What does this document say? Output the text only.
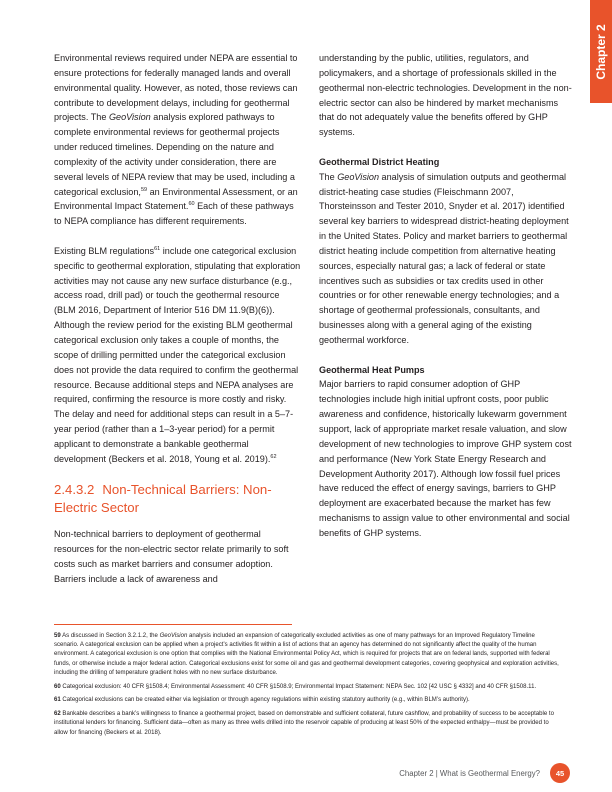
Chapter 2

Environmental reviews required under NEPA are essential to ensure protections for federally managed lands and overall environmental quality. However, as noted, those reviews can contribute to development delays, including for geothermal projects. The GeoVision analysis explored pathways to complete environmental reviews for geothermal projects under reduced timelines. Depending on the nature and complexity of the activity under consideration, there are several levels of NEPA review that may be used, including a categorical exclusion,$^{59}$ an Environmental Assessment, or an Environmental Impact Statement.$^{60}$ Each of these pathways to NEPA compliance has different requirements.

Existing BLM regulations$^{61}$ include one categorical exclusion specific to geothermal exploration, stipulating that exploration activities may not cause any new surface disturbance (e.g., access road, drill pad) or touch the geothermal resource (BLM 2016, Department of Interior 516 DM 11.9(B)(6)). Although the review period for the existing BLM geothermal categorical exclusion only takes a couple of months, the scope of drilling permitted under the categorical exclusion does not provide the data required to confirm the geothermal resource. Because additional steps and NEPA analyses are required, confirming the resource is more costly and risky. The delay and need for additional steps can result in a 5–7-year period (rather than a 1–3-year period) for a permit applicant to demonstrate a bankable geothermal development (Beckers et al. 2018, Young et al. 2019).$^{62}$

2.4.3.2 Non-Technical Barriers: Non-Electric Sector

Non-technical barriers to deployment of geothermal resources for the non-electric sector relate primarily to soft costs such as market barriers and consumer adoption. Barriers include a lack of awareness and

understanding by the public, utilities, regulators, and policymakers, and a shortage of professionals skilled in the geothermal non-electric technologies. Development in the non-electric sector can also be hindered by market mechanisms that do not adequately value the benefits offered by GHP systems.

Geothermal District Heating

The GeoVision analysis of simulation outputs and geothermal district-heating case studies (Fleischmann 2007, Thorsteinsson and Tester 2010, Snyder et al. 2017) identified several key barriers to widespread district-heating deployment in the United States. Policy and market barriers to geothermal district heating include competition from alternative heating sources, especially natural gas; a lack of federal or state incentives such as subsidies or tax credits used in other countries or for other renewable energy technologies; and a shortage of geothermal professionals, consultants, and businesses along with a general aging of the existing geothermal workforce.

Geothermal Heat Pumps

Major barriers to rapid consumer adoption of GHP technologies include high initial upfront costs, poor public awareness and confidence, historically lukewarm government support, lack of appropriate market resale valuation, and slow development of new technologies to improve GHP system cost and performance (New York State Energy Research and Development Authority 2017). Although low fossil fuel prices have reduced the effect of energy savings, barriers to GHP deployment are exacerbated because the market has few mechanisms to assign value to other environmental and social benefits of GHP systems.

59 As discussed in Section 3.2.1.2, the GeoVision analysis included an expansion of categorically excluded activities as one of many pathways for an Improved Regulatory Timeline scenario. A categorical exclusion can be applied when a project’s activities fit within a list of actions that an agency has determined do not significantly affect the quality of the human environment. A categorical exclusion is one option that complies with the National Environmental Policy Act, which is required for projects that are on federal lands, supported with federal funds, or otherwise include a major federal action. Categorical exclusions exist for some oil and gas and geothermal development categories, covering geophysical and exploration activities, including the drilling of temperature gradient holes with no new surface disturbance.

60 Categorical exclusion: 40 CFR §1508.4; Environmental Assessment: 40 CFR §1508.9; Environmental Impact Statement: NEPA Sec. 102 [42 USC § 4332] and 40 CFR §1508.11.

61 Categorical exclusions can be created either via legislation or through agency regulations within existing statutory authority (e.g., within BLM’s authority).

62 Bankable describes a bank’s willingness to finance a geothermal project, based on demonstrable and sufficient collateral, future cashflow, and probability of success to be acceptable to institutional lenders for financing. Sufficient data—often as many as three wells drilled into the reservoir capable of producing at least 50% of the expected enthalpy—must be provided to allow for financing (Beckers et al. 2018).

Chapter 2 | What is Geothermal Energy?	45
